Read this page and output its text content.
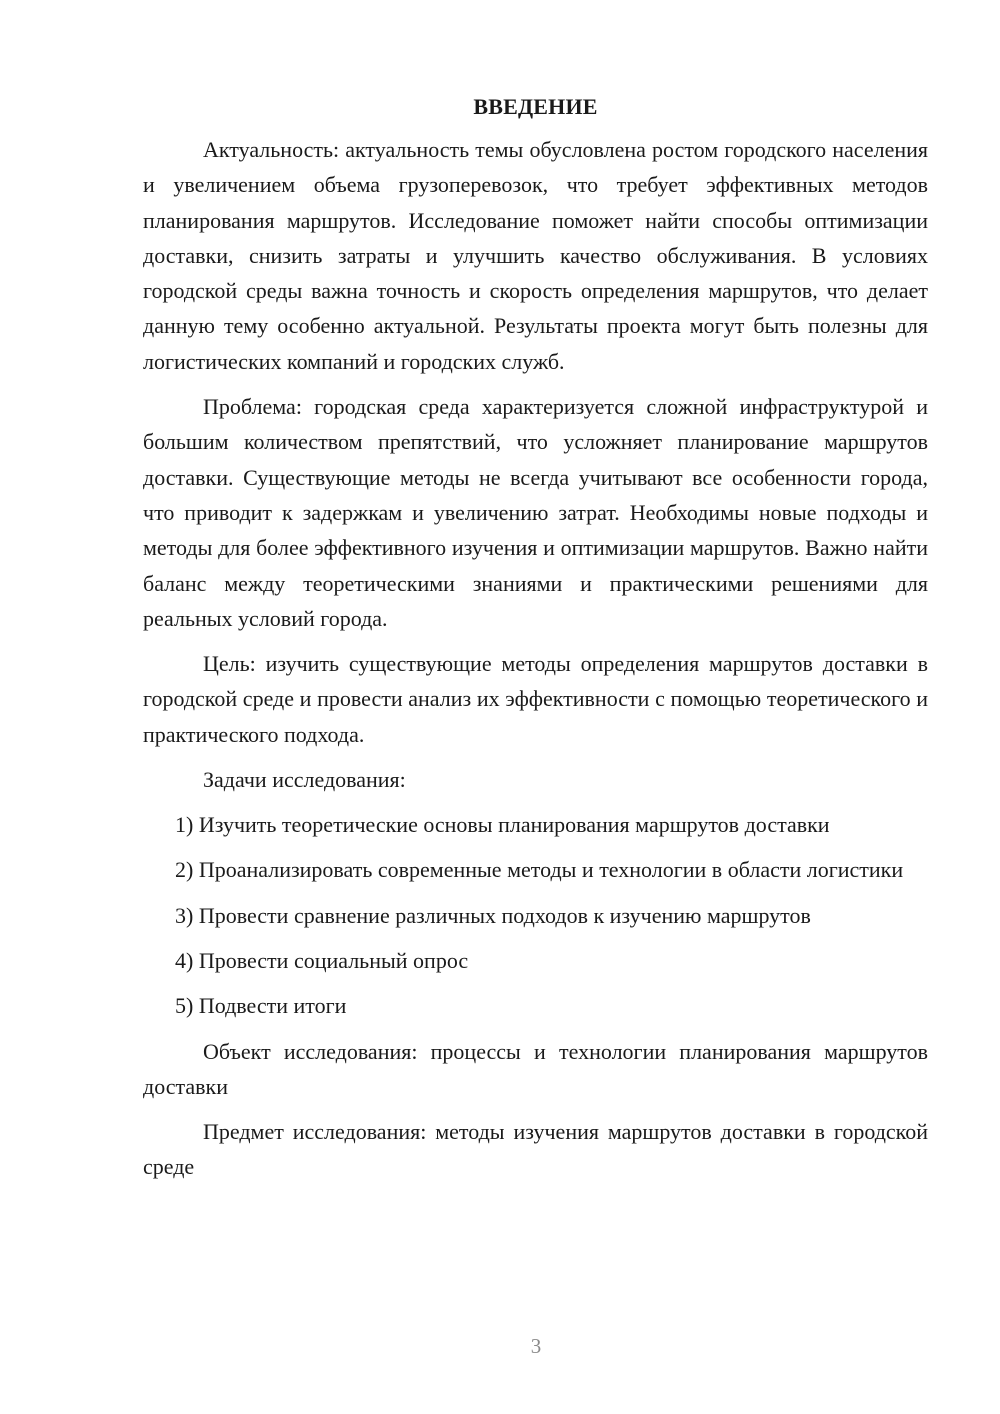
ВВЕДЕНИЕ

Актуальность: актуальность темы обусловлена ростом городского населения и увеличением объема грузоперевозок, что требует эффективных методов планирования маршрутов. Исследование поможет найти способы оптимизации доставки, снизить затраты и улучшить качество обслуживания. В условиях городской среды важна точность и скорость определения маршрутов, что делает данную тему особенно актуальной. Результаты проекта могут быть полезны для логистических компаний и городских служб.

Проблема: городская среда характеризуется сложной инфраструктурой и большим количеством препятствий, что усложняет планирование маршрутов доставки. Существующие методы не всегда учитывают все особенности города, что приводит к задержкам и увеличению затрат. Необходимы новые подходы и методы для более эффективного изучения и оптимизации маршрутов. Важно найти баланс между теоретическими знаниями и практическими решениями для реальных условий города.

Цель: изучить существующие методы определения маршрутов доставки в городской среде и провести анализ их эффективности с помощью теоретического и практического подхода.

Задачи исследования:

1) Изучить теоретические основы планирования маршрутов доставки

2) Проанализировать современные методы и технологии в области логистики

3) Провести сравнение различных подходов к изучению маршрутов

4) Провести социальный опрос

5) Подвести итоги

Объект исследования: процессы и технологии планирования маршрутов доставки

Предмет исследования: методы изучения маршрутов доставки в городской среде

3
